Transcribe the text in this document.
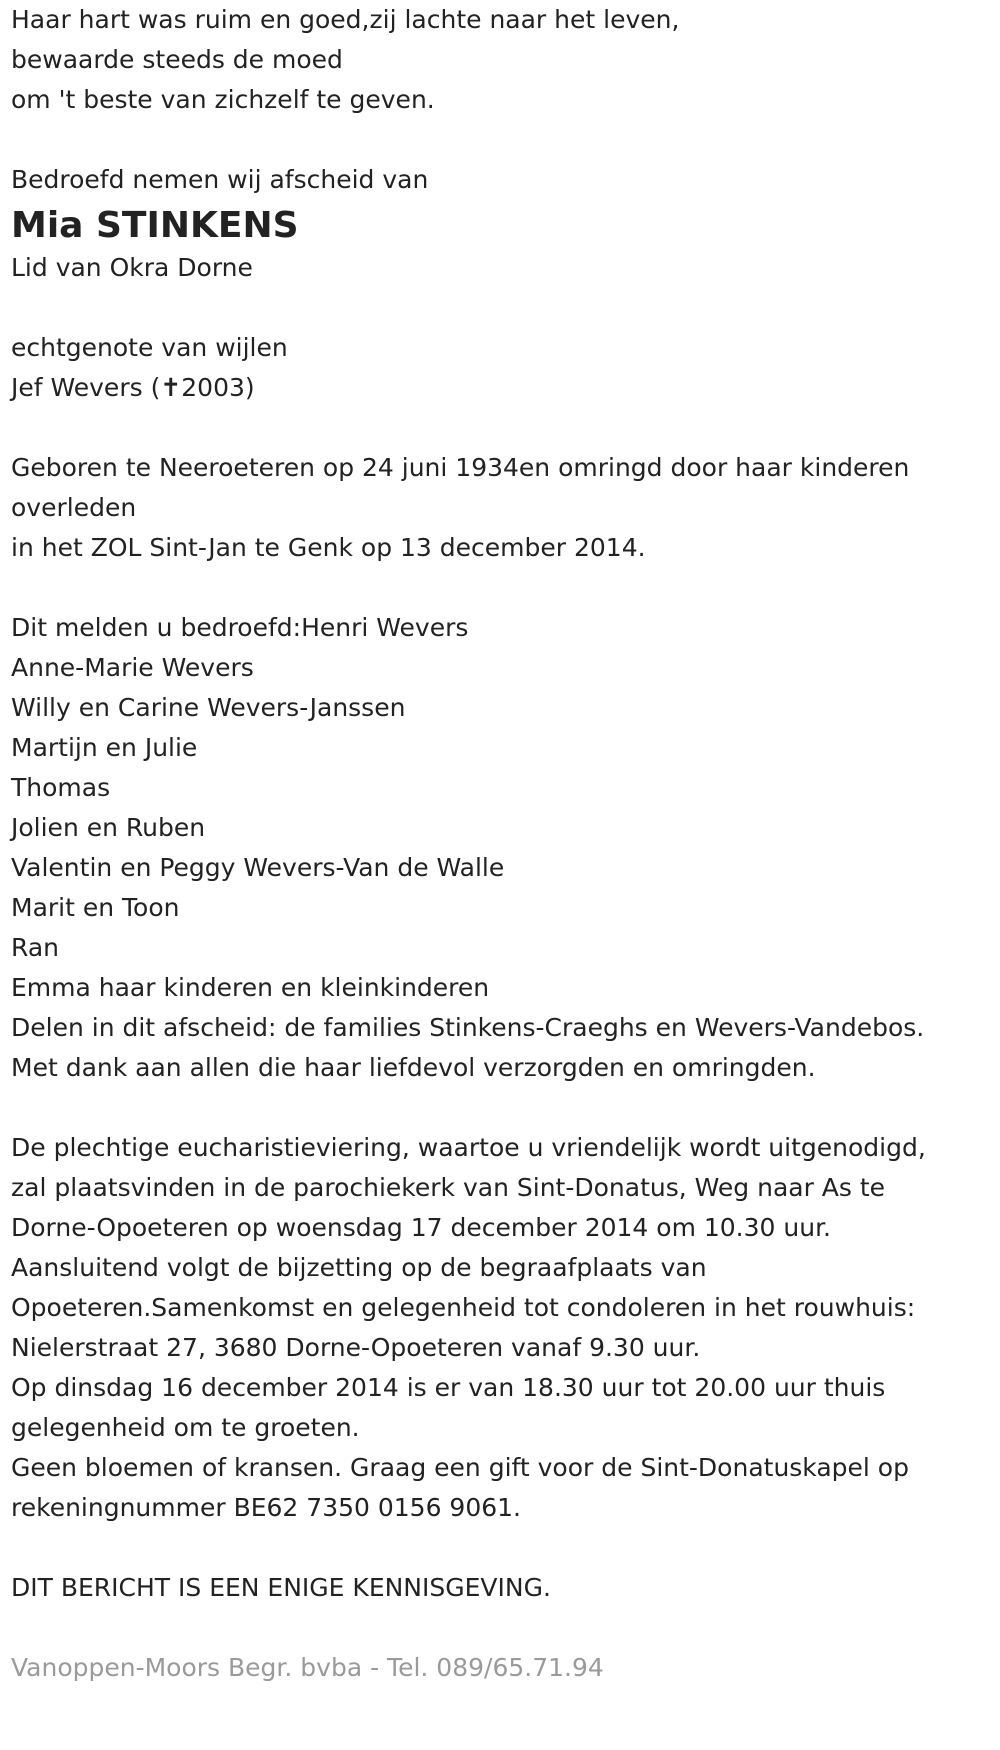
Haar hart was ruim en goed,zij lachte naar het leven,

bewaarde steeds de moed

om 't beste van zichzelf te geven.

Bedroefd nemen wij afscheid van

Mia STINKENS

Lid van Okra Dorne

echtgenote van wijlen

Jef Wevers (✝2003)

Geboren te Neeroeteren op 24 juni 1934en omringd door haar kinderen

overleden

in het ZOL Sint-Jan te Genk op 13 december 2014.

Dit melden u bedroefd:Henri Wevers

Anne-Marie Wevers

Willy en Carine Wevers-Janssen

Martijn en Julie

Thomas

Jolien en Ruben

Valentin en Peggy Wevers-Van de Walle

Marit en Toon

Ran

Emma haar kinderen en kleinkinderen

Delen in dit afscheid: de families Stinkens-Craeghs en Wevers-Vandebos.

Met dank aan allen die haar liefdevol verzorgden en omringden.

De plechtige eucharistieviering, waartoe u vriendelijk wordt uitgenodigd,

zal plaatsvinden in de parochiekerk van Sint-Donatus, Weg naar As te

Dorne-Opoeteren op woensdag 17 december 2014 om 10.30 uur.

Aansluitend volgt de bijzetting op de begraafplaats van

Opoeteren.Samenkomst en gelegenheid tot condoleren in het rouwhuis:

Nielerstraat 27, 3680 Dorne-Opoeteren vanaf 9.30 uur.

Op dinsdag 16 december 2014 is er van 18.30 uur tot 20.00 uur thuis

gelegenheid om te groeten.

Geen bloemen of kransen. Graag een gift voor de Sint-Donatuskapel op

rekeningnummer BE62 7350 0156 9061.

DIT BERICHT IS EEN ENIGE KENNISGEVING.

Vanoppen-Moors Begr. bvba - Tel. 089/65.71.94
